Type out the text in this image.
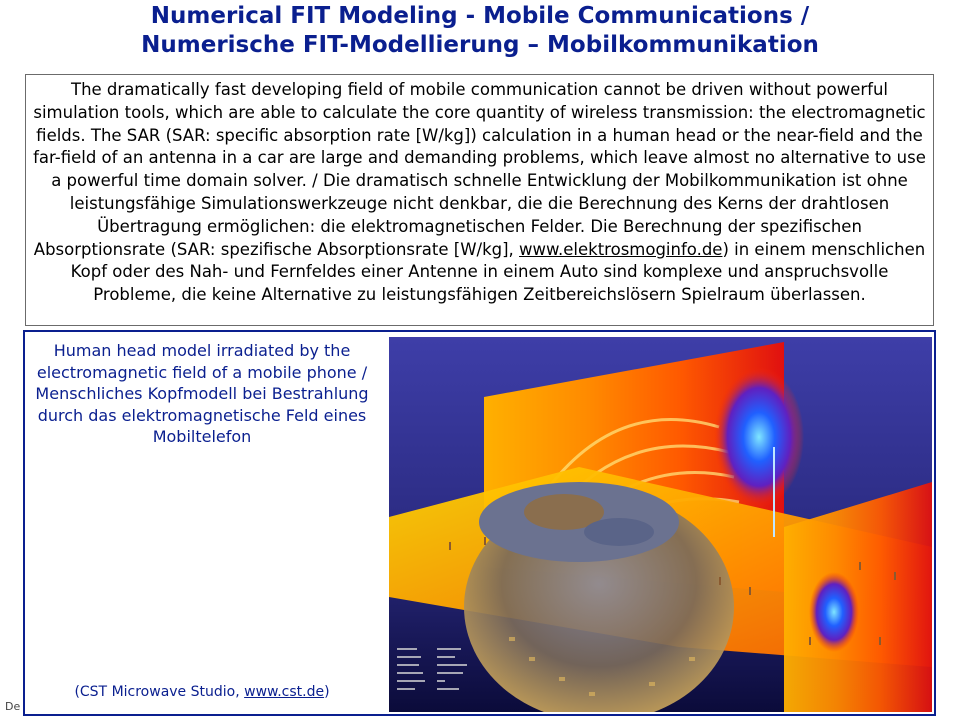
Numerical FIT Modeling - Mobile Communications /
Numerische FIT-Modellierung – Mobilkommunikation
The dramatically fast developing field of mobile communication cannot be driven without powerful simulation tools, which are able to calculate the core quantity of wireless transmission: the electromagnetic fields. The SAR (SAR: specific absorption rate [W/kg]) calculation in a human head or the near-field and the far-field of an antenna in a car are large and demanding problems, which leave almost no alternative to use a powerful time domain solver. / Die dramatisch schnelle Entwicklung der Mobilkommunikation ist ohne leistungsfähige Simulationswerkzeuge nicht denkbar, die die Berechnung des Kerns der drahtlosen Übertragung ermöglichen: die elektromagnetischen Felder. Die Berechnung der spezifischen Absorptionsrate (SAR: spezifische Absorptionsrate [W/kg], www.elektrosmoginfo.de) in einem menschlichen Kopf oder des Nah- und Fernfeldes einer Antenne in einem Auto sind komplexe und anspruchsvolle Probleme, die keine Alternative zu leistungsfähigen Zeitbereichslösern Spielraum überlassen.
Human head model irradiated by the electromagnetic field of a mobile phone /
Menschliches Kopfmodell bei Bestrahlung durch das elektromagnetische Feld eines Mobiltelefon
(CST Microwave Studio, www.cst.de)
De
